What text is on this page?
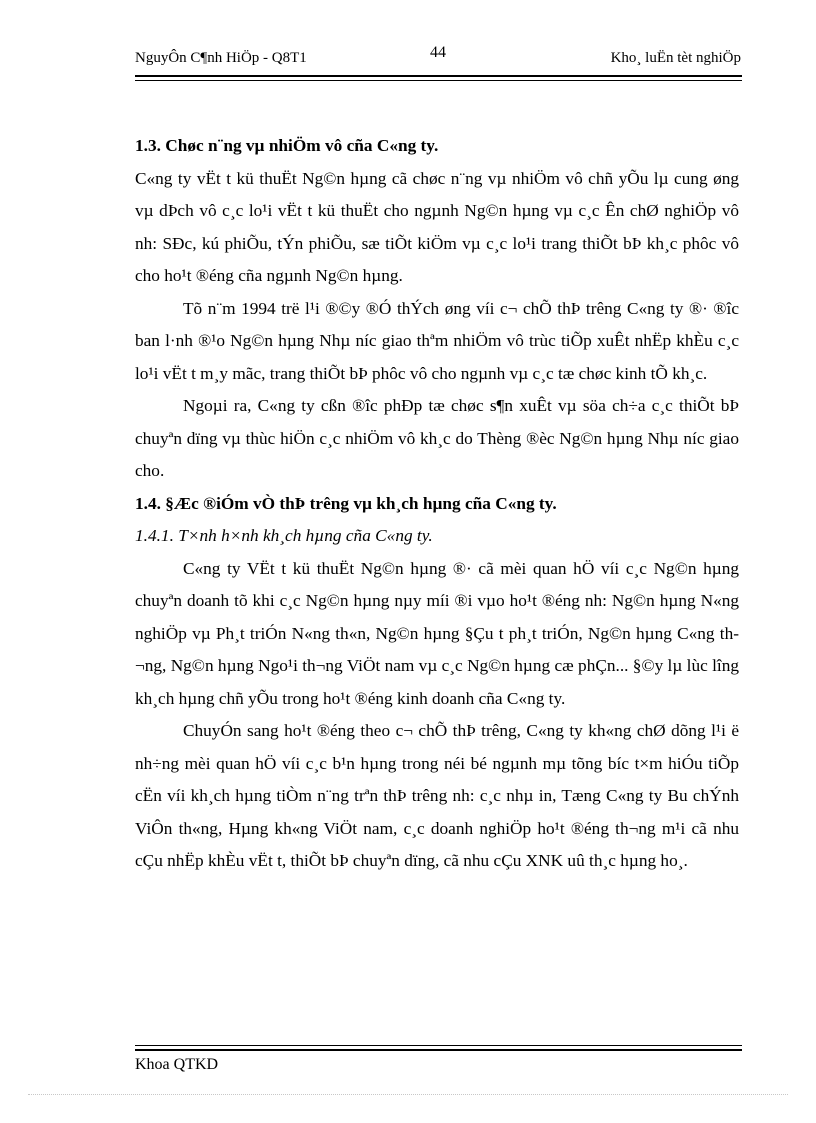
NguyÔn C¶nh HiÖp - Q8T1	44	Kho¸ luËn tèt nghiÖp
1.3. Chøc n¨ng vµ nhiÖm vô cña C«ng ty.
C«ng ty vËt t kü thuËt Ng©n hµng cã chøc n¨ng vµ nhiÖm vô chñ yÕu lµ cung øng vµ dÞch vô c¸c lo¹i vËt t kü thuËt cho ngµnh Ng©n hµng vµ c¸c Ên chØ nghiÖp vô nh: SÐc, kú phiÕu, tÝn phiÕu, sæ tiÕt kiÖm vµ c¸c lo¹i trang thiÕt bÞ kh¸c phôc vô cho ho¹t ®éng cña ngµnh Ng©n hµng.
Tõ n¨m 1994 trë l¹i ®©y ®Ó thÝch øng víi c¬ chÕ thÞ trêng C«ng ty ®· ®îc ban l·nh ®¹o Ng©n hµng Nhµ níc giao thªm nhiÖm vô trùc tiÕp xuÊt nhËp khÈu c¸c lo¹i vËt t m¸y mãc, trang thiÕt bÞ phôc vô cho ngµnh vµ c¸c tæ chøc kinh tÕ kh¸c.
Ngoµi ra, C«ng ty cßn ®îc phÐp tæ chøc s¶n xuÊt vµ söa ch÷a c¸c thiÕt bÞ chuyªn dïng vµ thùc hiÖn c¸c nhiÖm vô kh¸c do Thèng ®èc Ng©n hµng Nhµ níc giao cho.
1.4. §Æc ®iÓm vÒ thÞ trêng vµ kh¸ch hµng cña C«ng ty.
1.4.1. T×nh h×nh kh¸ch hµng cña C«ng ty.
C«ng ty VËt t kü thuËt Ng©n hµng ®· cã mèi quan hÖ víi c¸c Ng©n hµng chuyªn doanh tõ khi c¸c Ng©n hµng nµy míi ®i vµo ho¹t ®éng nh: Ng©n hµng N«ng nghiÖp vµ Ph¸t triÓn N«ng th«n, Ng©n hµng §Çu t ph¸t triÓn, Ng©n hµng C«ng th¬ng, Ng©n hµng Ngo¹i th¬ng ViÖt nam vµ c¸c Ng©n hµng cæ phÇn... §©y lµ lùc lîng kh¸ch hµng chñ yÕu trong ho¹t ®éng kinh doanh cña C«ng ty.
ChuyÓn sang ho¹t ®éng theo c¬ chÕ thÞ trêng, C«ng ty kh«ng chØ dõng l¹i ë nh÷ng mèi quan hÖ víi c¸c b¹n hµng trong néi bé ngµnh mµ tõng bíc t×m hiÓu tiÕp cËn víi kh¸ch hµng tiÒm n¨ng trªn thÞ trêng nh: c¸c nhµ in, Tæng C«ng ty Bu chÝnh ViÔn th«ng, Hµng kh«ng ViÖt nam, c¸c doanh nghiÖp ho¹t ®éng th¬ng m¹i cã nhu cÇu nhËp khÈu vËt t, thiÕt bÞ chuyªn dïng, cã nhu cÇu XNK uû th¸c hµng ho¸.
Khoa QTKD
